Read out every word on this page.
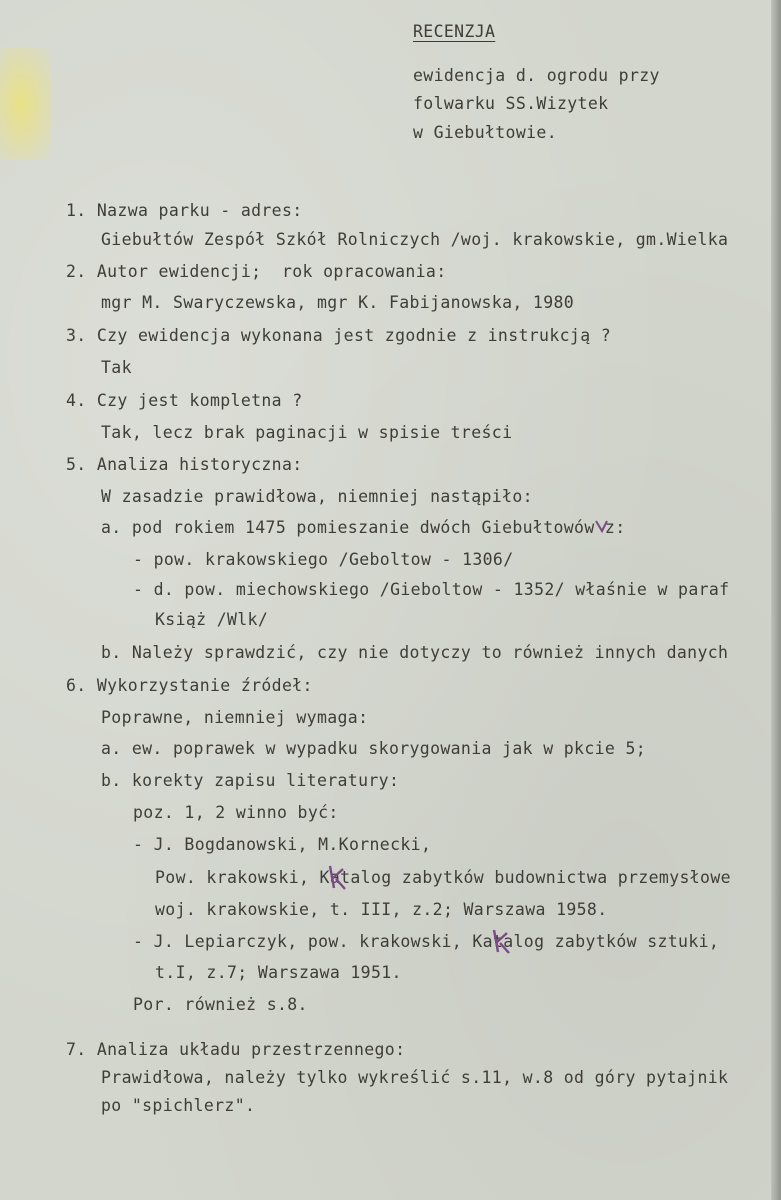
RECENZJA
ewidencja d. ogrodu przy
folwarku SS.Wizytek
w Giebułtowie.
1. Nazwa parku - adres:
Giebułtów Zespół Szkół Rolniczych /woj. krakowskie, gm.Wielka
2. Autor ewidencji;  rok opracowania:
mgr M. Swaryczewska, mgr K. Fabijanowska, 1980
3. Czy ewidencja wykonana jest zgodnie z instrukcją ?
Tak
4. Czy jest kompletna ?
Tak, lecz brak paginacji w spisie treści
5. Analiza historyczna:
W zasadzie prawidłowa, niemniej nastąpiło:
a. pod rokiem 1475 pomieszanie dwóch Giebułtowów z:
- pow. krakowskiego /Geboltow - 1306/
- d. pow. miechowskiego /Gieboltow - 1352/ właśnie w paraf
Książ /Wlk/
b. Należy sprawdzić, czy nie dotyczy to również innych danych
6. Wykorzystanie źródeł:
Poprawne, niemniej wymaga:
a. ew. poprawek w wypadku skorygowania jak w pkcie 5;
b. korekty zapisu literatury:
poz. 1, 2 winno być:
- J. Bogdanowski, M.Kornecki,
Pow. krakowski, Katalog zabytków budownictwa przemysłowe
woj. krakowskie, t. III, z.2; Warszawa 1958.
- J. Lepiarczyk, pow. krakowski, Katalog zabytków sztuki,
t.I, z.7; Warszawa 1951.
Por. również s.8.
7. Analiza układu przestrzennego:
Prawidłowa, należy tylko wykreślić s.11, w.8 od góry pytajnik
po "spichlerz".
